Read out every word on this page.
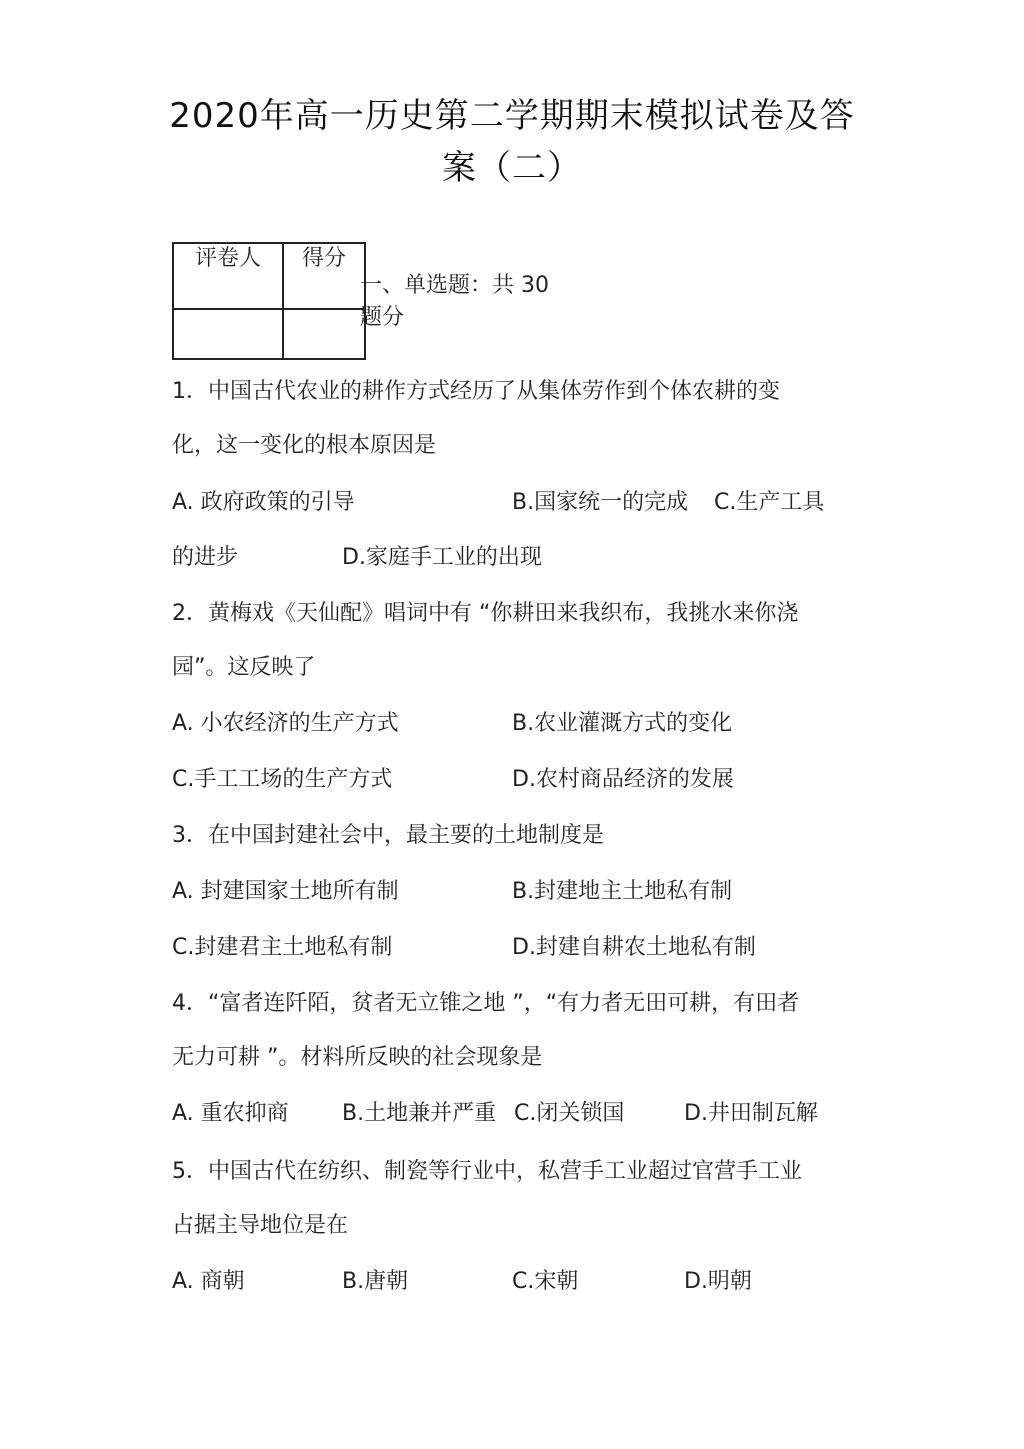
2020年高一历史第二学期期末模拟试卷及答
案（二）
评卷人	得分

一、单选题：共 30
题分
1．中国古代农业的耕作方式经历了从集体劳作到个体农耕的变
化，这一变化的根本原因是
A. 政府政策的引导	B.国家统一的完成 C.生产工具
的进步	D.家庭手工业的出现
2．黄梅戏《天仙配》唱词中有 “你耕田来我织布，我挑水来你浇
园”。这反映了
A. 小农经济的生产方式	B.农业灌溉方式的变化
C.手工工场的生产方式	D.农村商品经济的发展
3．在中国封建社会中，最主要的土地制度是
A. 封建国家土地所有制	B.封建地主土地私有制
C.封建君主土地私有制	D.封建自耕农土地私有制
4．“富者连阡陌，贫者无立锥之地 ”，“有力者无田可耕，有田者
无力可耕 ”。材料所反映的社会现象是
A. 重农抑商 B.土地兼并严重 C.闭关锁国	D.井田制瓦解
5．中国古代在纺织、制瓷等行业中，私营手工业超过官营手工业
占据主导地位是在
A. 商朝	B.唐朝	C.宋朝	D.明朝
